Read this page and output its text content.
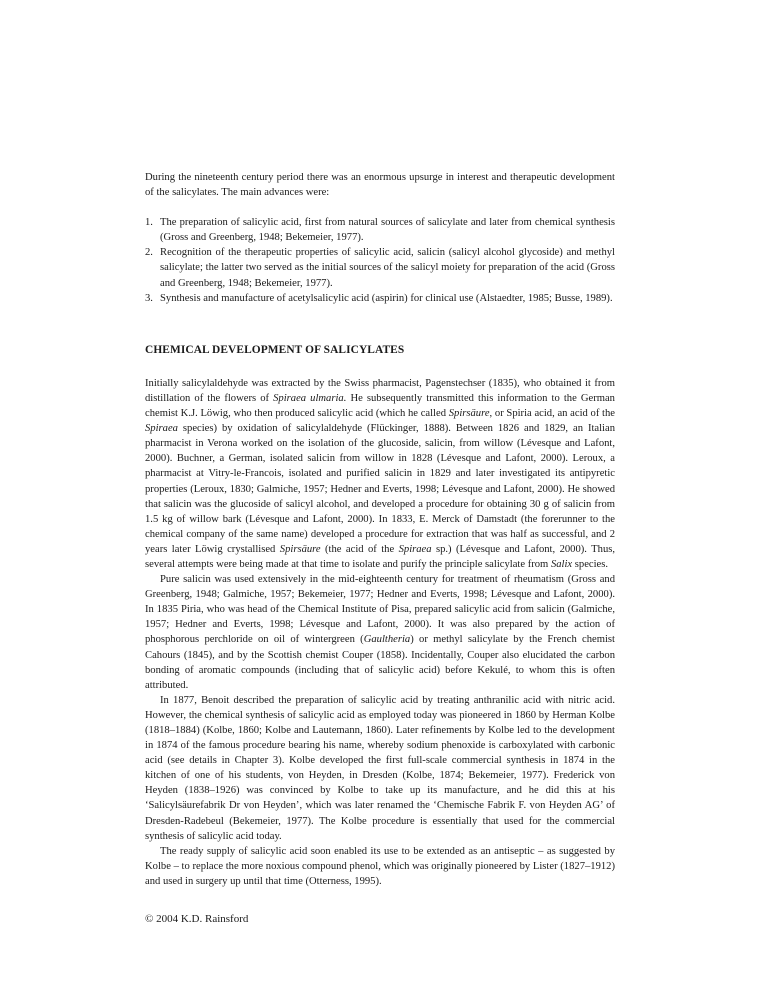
During the nineteenth century period there was an enormous upsurge in interest and therapeutic development of the salicylates. The main advances were:

1. The preparation of salicylic acid, first from natural sources of salicylate and later from chemical synthesis (Gross and Greenberg, 1948; Bekemeier, 1977).
2. Recognition of the therapeutic properties of salicylic acid, salicin (salicyl alcohol glycoside) and methyl salicylate; the latter two served as the initial sources of the salicyl moiety for preparation of the acid (Gross and Greenberg, 1948; Bekemeier, 1977).
3. Synthesis and manufacture of acetylsalicylic acid (aspirin) for clinical use (Alstaedter, 1985; Busse, 1989).
CHEMICAL DEVELOPMENT OF SALICYLATES

Initially salicylaldehyde was extracted by the Swiss pharmacist, Pagenstechser (1835), who obtained it from distillation of the flowers of Spiraea ulmaria. He subsequently transmitted this information to the German chemist K.J. Löwig, who then produced salicylic acid (which he called Spirsäure, or Spiria acid, an acid of the Spiraea species) by oxidation of salicylaldehyde (Flückinger, 1888). Between 1826 and 1829, an Italian pharmacist in Verona worked on the isolation of the glucoside, salicin, from willow (Lévesque and Lafont, 2000). Buchner, a German, isolated salicin from willow in 1828 (Lévesque and Lafont, 2000). Leroux, a pharmacist at Vitry-le-Francois, isolated and purified salicin in 1829 and later investigated its antipyretic properties (Leroux, 1830; Galmiche, 1957; Hedner and Everts, 1998; Lévesque and Lafont, 2000). He showed that salicin was the glucoside of salicyl alcohol, and developed a procedure for obtaining 30 g of salicin from 1.5 kg of willow bark (Lévesque and Lafont, 2000). In 1833, E. Merck of Damstadt (the forerunner to the chemical company of the same name) developed a procedure for extraction that was half as successful, and 2 years later Löwig crystallised Spirsäure (the acid of the Spiraea sp.) (Lévesque and Lafont, 2000). Thus, several attempts were being made at that time to isolate and purify the principle salicylate from Salix species.

Pure salicin was used extensively in the mid-eighteenth century for treatment of rheumatism (Gross and Greenberg, 1948; Galmiche, 1957; Bekemeier, 1977; Hedner and Everts, 1998; Lévesque and Lafont, 2000). In 1835 Piria, who was head of the Chemical Institute of Pisa, prepared salicylic acid from salicin (Galmiche, 1957; Hedner and Everts, 1998; Lévesque and Lafont, 2000). It was also prepared by the action of phosphorous perchloride on oil of wintergreen (Gaultheria) or methyl salicylate by the French chemist Cahours (1845), and by the Scottish chemist Couper (1858). Incidentally, Couper also elucidated the carbon bonding of aromatic compounds (including that of salicylic acid) before Kekulé, to whom this is often attributed.

In 1877, Benoit described the preparation of salicylic acid by treating anthranilic acid with nitric acid. However, the chemical synthesis of salicylic acid as employed today was pioneered in 1860 by Herman Kolbe (1818–1884) (Kolbe, 1860; Kolbe and Lautemann, 1860). Later refinements by Kolbe led to the development in 1874 of the famous procedure bearing his name, whereby sodium phenoxide is carboxylated with carbonic acid (see details in Chapter 3). Kolbe developed the first full-scale commercial synthesis in 1874 in the kitchen of one of his students, von Heyden, in Dresden (Kolbe, 1874; Bekemeier, 1977). Frederick von Heyden (1838–1926) was convinced by Kolbe to take up its manufacture, and he did this at his ‘Salicylsäurefabrik Dr von Heyden’, which was later renamed the ‘Chemische Fabrik F. von Heyden AG’ of Dresden-Radebeul (Bekemeier, 1977). The Kolbe procedure is essentially that used for the commercial synthesis of salicylic acid today.

The ready supply of salicylic acid soon enabled its use to be extended as an antiseptic – as suggested by Kolbe – to replace the more noxious compound phenol, which was originally pioneered by Lister (1827–1912) and used in surgery up until that time (Otterness, 1995).

© 2004 K.D. Rainsford
